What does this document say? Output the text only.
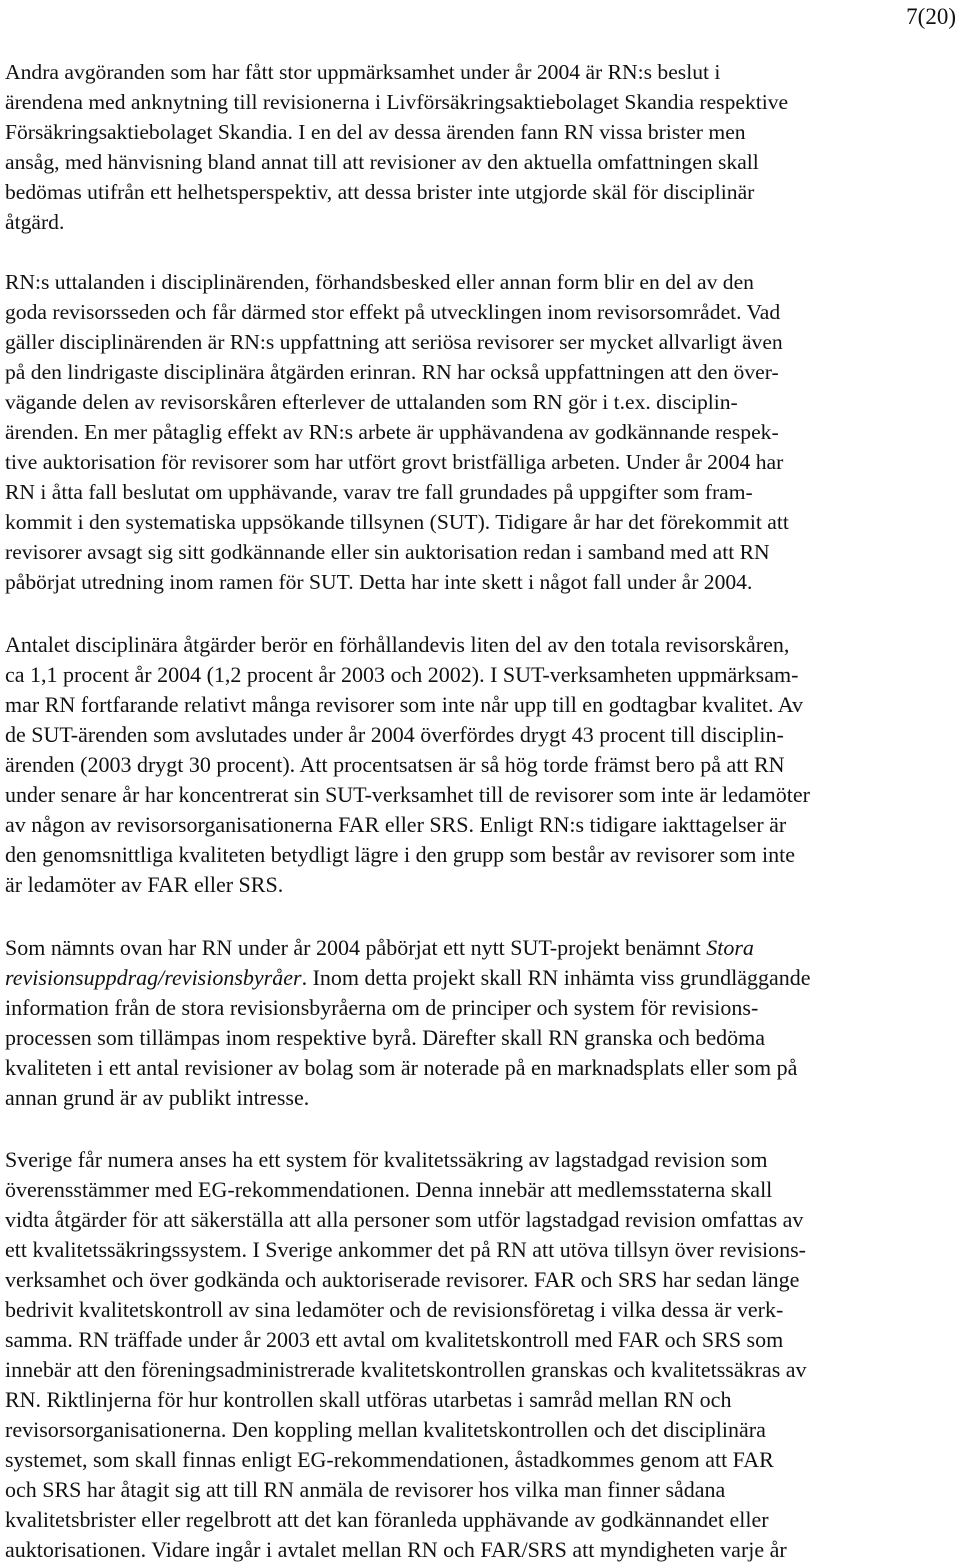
7(20)

Andra avgöranden som har fått stor uppmärksamhet under år 2004 är RN:s beslut i
ärendena med anknytning till revisionerna i Livförsäkringsaktiebolaget Skandia respektive
Försäkringsaktiebolaget Skandia. I en del av dessa ärenden fann RN vissa brister men
ansåg, med hänvisning bland annat till att revisioner av den aktuella omfattningen skall
bedömas utifrån ett helhetsperspektiv, att dessa brister inte utgjorde skäl för disciplinär
åtgärd.

RN:s uttalanden i disciplinärenden, förhandsbesked eller annan form blir en del av den
goda revisorsseden och får därmed stor effekt på utvecklingen inom revisorsområdet. Vad
gäller disciplinärenden är RN:s uppfattning att seriösa revisorer ser mycket allvarligt även
på den lindrigaste disciplinära åtgärden erinran. RN har också uppfattningen att den över-
vägande delen av revisorskåren efterlever de uttalanden som RN gör i t.ex. disciplin-
ärenden. En mer påtaglig effekt av RN:s arbete är upphävandena av godkännande respek-
tive auktorisation för revisorer som har utfört grovt bristfälliga arbeten. Under år 2004 har
RN i åtta fall beslutat om upphävande, varav tre fall grundades på uppgifter som fram-
kommit i den systematiska uppsökande tillsynen (SUT). Tidigare år har det förekommit att
revisorer avsagt sig sitt godkännande eller sin auktorisation redan i samband med att RN
påbörjat utredning inom ramen för SUT. Detta har inte skett i något fall under år 2004.

Antalet disciplinära åtgärder berör en förhållandevis liten del av den totala revisorskåren,
ca 1,1 procent år 2004 (1,2 procent år 2003 och 2002). I SUT-verksamheten uppmärksam-
mar RN fortfarande relativt många revisorer som inte når upp till en godtagbar kvalitet. Av
de SUT-ärenden som avslutades under år 2004 överfördes drygt 43 procent till disciplin-
ärenden (2003 drygt 30 procent). Att procentsatsen är så hög torde främst bero på att RN
under senare år har koncentrerat sin SUT-verksamhet till de revisorer som inte är ledamöter
av någon av revisorsorganisationerna FAR eller SRS. Enligt RN:s tidigare iakttagelser är
den genomsnittliga kvaliteten betydligt lägre i den grupp som består av revisorer som inte
är ledamöter av FAR eller SRS.

Som nämnts ovan har RN under år 2004 påbörjat ett nytt SUT-projekt benämnt Stora
revisionsuppdrag/revisionsbyråer. Inom detta projekt skall RN inhämta viss grundläggande
information från de stora revisionsbyråerna om de principer och system för revisions-
processen som tillämpas inom respektive byrå. Därefter skall RN granska och bedöma
kvaliteten i ett antal revisioner av bolag som är noterade på en marknadsplats eller som på
annan grund är av publikt intresse.

Sverige får numera anses ha ett system för kvalitetssäkring av lagstadgad revision som
överensstämmer med EG-rekommendationen. Denna innebär att medlemsstaterna skall
vidta åtgärder för att säkerställa att alla personer som utför lagstadgad revision omfattas av
ett kvalitetssäkringssystem. I Sverige ankommer det på RN att utöva tillsyn över revisions-
verksamhet och över godkända och auktoriserade revisorer. FAR och SRS har sedan länge
bedrivit kvalitetskontroll av sina ledamöter och de revisionsföretag i vilka dessa är verk-
samma. RN träffade under år 2003 ett avtal om kvalitetskontroll med FAR och SRS som
innebär att den föreningsadministrerade kvalitetskontrollen granskas och kvalitetssäkras av
RN. Riktlinjerna för hur kontrollen skall utföras utarbetas i samråd mellan RN och
revisorsorganisationerna. Den koppling mellan kvalitetskontrollen och det disciplinära
systemet, som skall finnas enligt EG-rekommendationen, åstadkommes genom att FAR
och SRS har åtagit sig att till RN anmäla de revisorer hos vilka man finner sådana
kvalitetsbrister eller regelbrott att det kan föranleda upphävande av godkännandet eller
auktorisationen. Vidare ingår i avtalet mellan RN och FAR/SRS att myndigheten varje år
